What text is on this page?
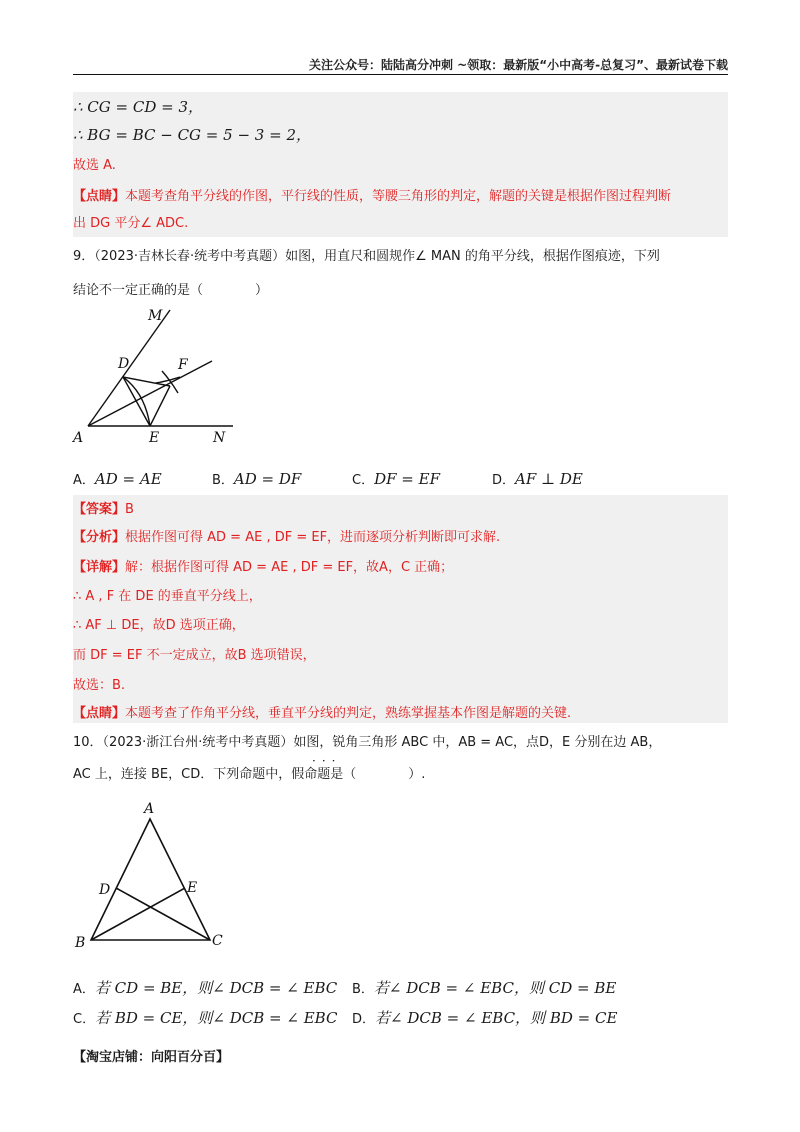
关注公众号：陆陆高分冲刺 ~领取：最新版“小中高考-总复习”、最新试卷下载
∴ CG = CD = 3，
∴ BG = BC − CG = 5 − 3 = 2，
故选 A.
【点睛】本题考查角平分线的作图，平行线的性质，等腰三角形的判定，解题的关键是根据作图过程判断
出 DG 平分∠ ADC.
9．（2023·吉林长春·统考中考真题）如图，用直尺和圆规作∠ MAN 的角平分线，根据作图痕迹，下列
结论不一定正确的是（　　　　）
M
D	F
A	E	N
A．AD = AE	B．AD = DF	C．DF = EF	D．AF ⊥ DE
【答案】B
【分析】根据作图可得 AD = AE , DF = EF，进而逐项分析判断即可求解.
【详解】解：根据作图可得 AD = AE , DF = EF，故A，C 正确；
∴ A , F 在 DE 的垂直平分线上，
∴ AF ⊥ DE，故D 选项正确，
而 DF = EF 不一定成立，故B 选项错误，
故选：B.
【点睛】本题考查了作角平分线，垂直平分线的判定，熟练掌握基本作图是解题的关键.
10．（2023·浙江台州·统考中考真题）如图，锐角三角形 ABC 中，AB = AC，点D，E 分别在边 AB，
···
AC 上，连接 BE，CD．下列命题中，假命题是（　　　　）.
A
D	E
B	C
A．若 CD = BE，则∠ DCB = ∠ EBC B．若∠ DCB = ∠ EBC，则 CD = BE
C．若 BD = CE，则∠ DCB = ∠ EBC D．若∠ DCB = ∠ EBC，则 BD = CE
【淘宝店铺：向阳百分百】
